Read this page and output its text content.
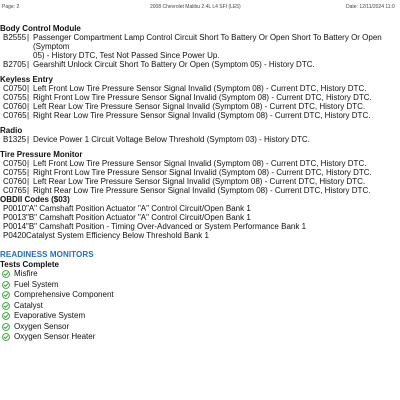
Page: 2	2008 Chevrolet Malibu 2.4L L4 SFI (LE5)	Date: 12/11/2024 11:0
Body Control Module
B2555 | Passenger Compartment Lamp Control Circuit Short To Battery Or Open Short To Battery Or Open (Symptom
05) - History DTC, Test Not Passed Since Power Up.
B2705 | Gearshift Unlock Circuit Short To Battery Or Open (Symptom 05) - History DTC.
Keyless Entry
C0750 | Left Front Low Tire Pressure Sensor Signal Invalid (Symptom 08) - Current DTC, History DTC.
C0755 | Right Front Low Tire Pressure Sensor Signal Invalid (Symptom 08) - Current DTC, History DTC.
C0760 | Left Rear Low Tire Pressure Sensor Signal Invalid (Symptom 08) - Current DTC, History DTC.
C0765 | Right Rear Low Tire Pressure Sensor Signal Invalid (Symptom 08) - Current DTC, History DTC.
Radio
B1325 | Device Power 1 Circuit Voltage Below Threshold (Symptom 03) - History DTC.
Tire Pressure Monitor
C0750 | Left Front Low Tire Pressure Sensor Signal Invalid (Symptom 08) - Current DTC, History DTC.
C0755 | Right Front Low Tire Pressure Sensor Signal Invalid (Symptom 08) - Current DTC, History DTC.
C0760 | Left Rear Low Tire Pressure Sensor Signal Invalid (Symptom 08) - Current DTC, History DTC.
C0765 | Right Rear Low Tire Pressure Sensor Signal Invalid (Symptom 08) - Current DTC, History DTC.
OBDII Codes ($03)
P0010 "A" Camshaft Position Actuator "A" Control Circuit/Open Bank 1
P0013 "B" Camshaft Position Actuator "A" Control Circuit/Open Bank 1
P0014 "B" Camshaft Position - Timing Over-Advanced or System Performance Bank 1
P0420 Catalyst System Efficiency Below Threshold Bank 1
READINESS MONITORS
Tests Complete
Misfire
Fuel System
Comprehensive Component
Catalyst
Evaporative System
Oxygen Sensor
Oxygen Sensor Heater
